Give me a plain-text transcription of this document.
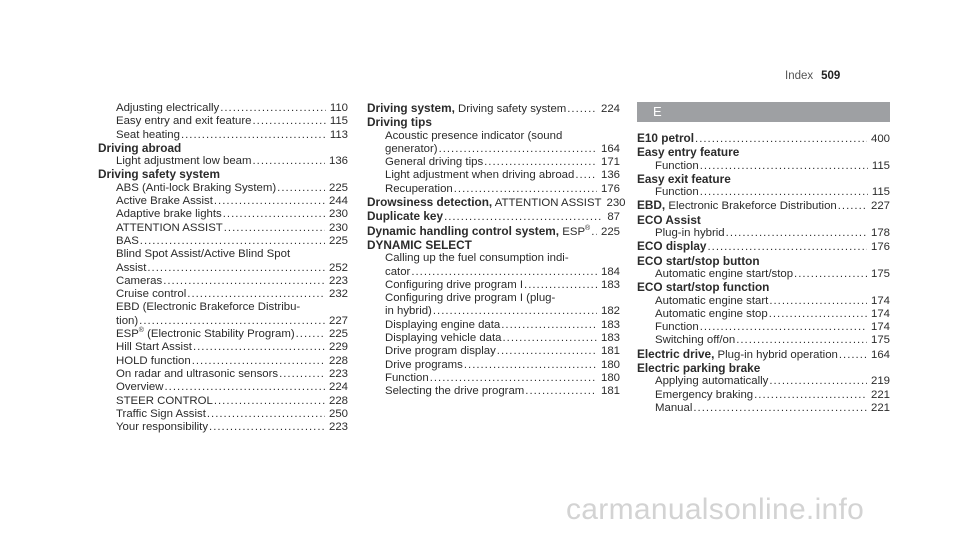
Index 509
Adjusting electrically .....	110
Easy entry and exit feature .....	115
Seat heating .....	113
Driving abroad
Light adjustment low beam .....	136
Driving safety system
ABS (Anti-lock Braking System) .....	225
Active Brake Assist .....	244
Adaptive brake lights .....	230
ATTENTION ASSIST .....	230
BAS .....	225
Blind Spot Assist/Active Blind Spot
Assist .....	252
Cameras .....	223
Cruise control .....	232
EBD (Electronic Brakeforce Distribu-
tion) .....	227
ESP® (Electronic Stability Program) .....	225
Hill Start Assist .....	229
HOLD function .....	228
On radar and ultrasonic sensors .....	223
Overview .....	224
STEER CONTROL .....	228
Traffic Sign Assist .....	250
Your responsibility .....	223
Driving system, Driving safety system .....	224
Driving tips
Acoustic presence indicator (sound
generator) .....	164
General driving tips .....	171
Light adjustment when driving abroad ..... 136
Recuperation .....	176
Drowsiness detection, ATTENTION ASSIST 230
Duplicate key .....	87
Dynamic handling control system, ESP® ..... 225
DYNAMIC SELECT
Calling up the fuel consumption indi-
cator .....	184
Configuring drive program I .....	183
Configuring drive program I (plug-
in hybrid) .....	182
Displaying engine data .....	183
Displaying vehicle data .....	183
Drive program display .....	181
Drive programs .....	180
Function .....	180
Selecting the drive program .....	181
E
E10 petrol .....	400
Easy entry feature
Function .....	115
Easy exit feature
Function .....	115
EBD, Electronic Brakeforce Distribution .....	227
ECO Assist
Plug-in hybrid .....	178
ECO display .....	176
ECO start/stop button
Automatic engine start/stop .....	175
ECO start/stop function
Automatic engine start .....	174
Automatic engine stop .....	174
Function .....	174
Switching off/on .....	175
Electric drive, Plug-in hybrid operation .....	164
Electric parking brake
Applying automatically .....	219
Emergency braking .....	221
Manual .....	221
carmanualsonline.info
